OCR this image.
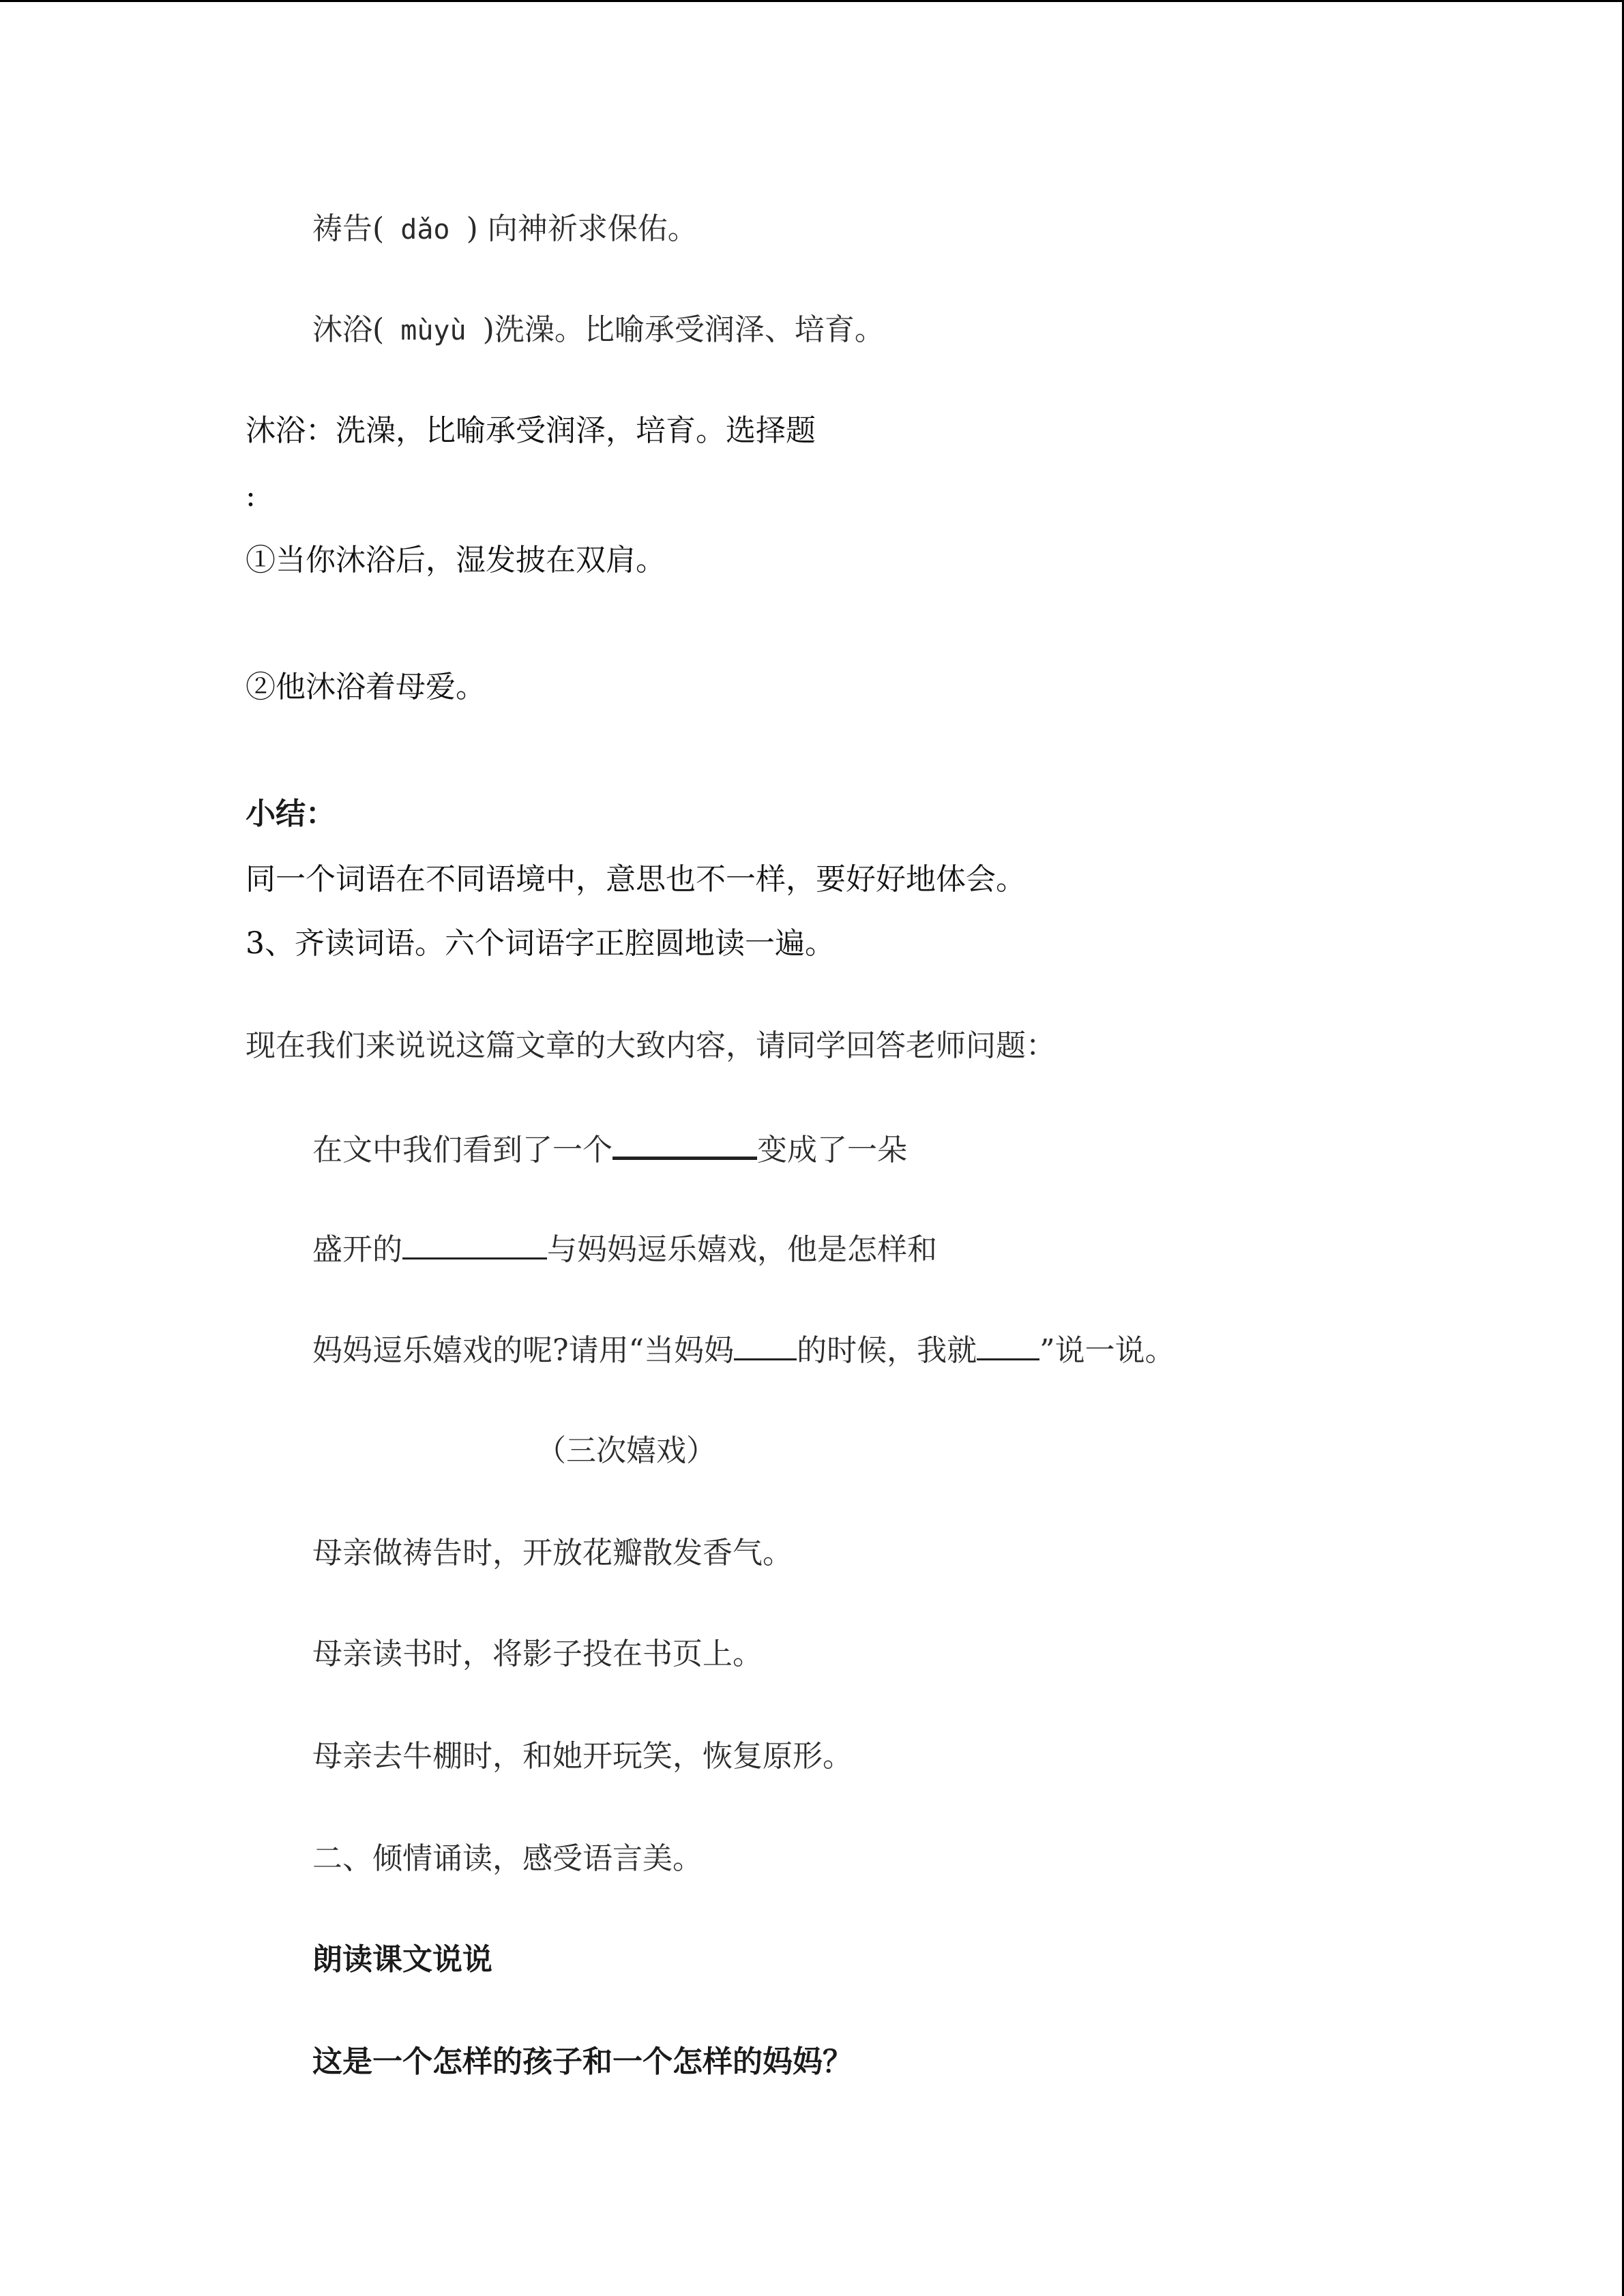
祷告( dǎo ) 向神祈求保佑。
沐浴( mùyù )洗澡。比喻承受润泽、培育。
沐浴：洗澡，比喻承受润泽，培育。选择题
:
①当你沐浴后，湿发披在双肩。
②他沐浴着母爱。
小结：
同一个词语在不同语境中，意思也不一样，要好好地体会。
3、齐读词语。六个词语字正腔圆地读一遍。
现在我们来说说这篇文章的大致内容，请同学回答老师问题：
在文中我们看到了一个	变成了一朵
盛开的	与妈妈逗乐嬉戏，他是怎样和
妈妈逗乐嬉戏的呢?请用“当妈妈 的时候，我就 ”说一说。
（三次嬉戏）
母亲做祷告时，开放花瓣散发香气。
母亲读书时，将影子投在书页上。
母亲去牛棚时，和她开玩笑，恢复原形。
二、倾情诵读，感受语言美。
朗读课文说说
这是一个怎样的孩子和一个怎样的妈妈？
